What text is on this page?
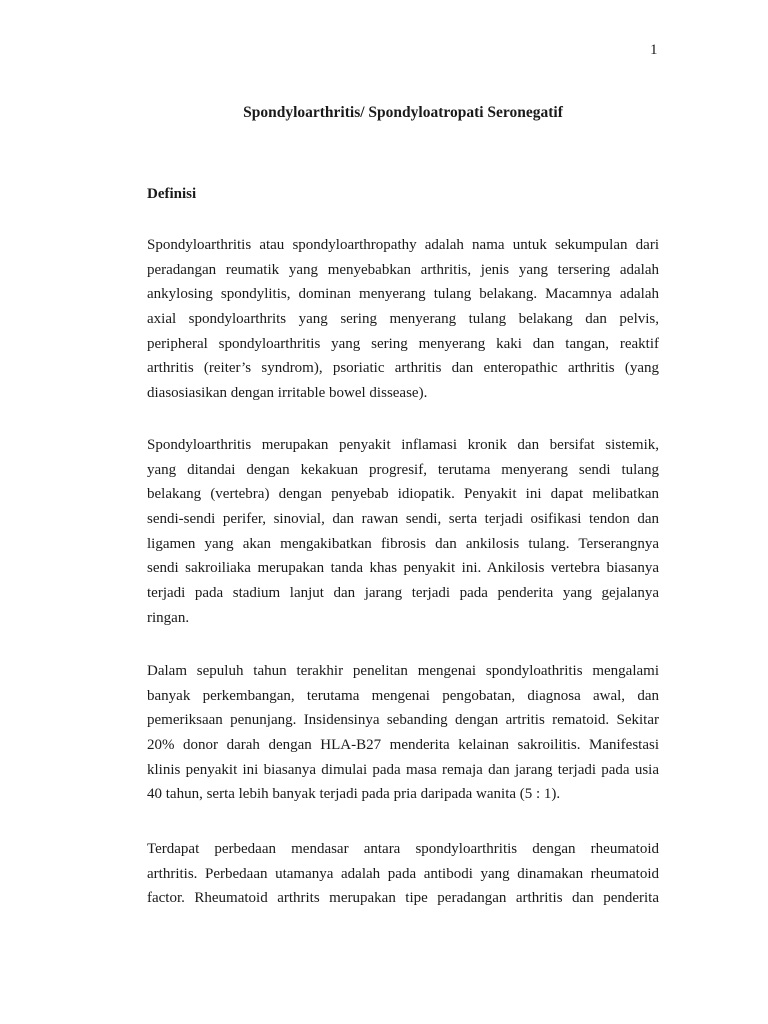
1
Spondyloarthritis/ Spondyloatropati Seronegatif
Definisi
Spondyloarthritis atau spondyloarthropathy adalah nama untuk sekumpulan dari
peradangan reumatik yang menyebabkan arthritis, jenis yang tersering adalah
ankylosing spondylitis, dominan menyerang tulang belakang. Macamnya adalah
axial spondyloarthrits yang sering menyerang tulang belakang dan pelvis,
peripheral spondyloarthritis yang sering menyerang kaki dan tangan, reaktif
arthritis (reiter’s syndrom), psoriatic arthritis dan enteropathic arthritis (yang
diasosiasikan dengan irritable bowel dissease).
Spondyloarthritis merupakan penyakit inflamasi kronik dan bersifat sistemik,
yang ditandai dengan kekakuan progresif, terutama menyerang sendi tulang
belakang (vertebra) dengan penyebab idiopatik. Penyakit ini dapat melibatkan
sendi-sendi perifer, sinovial, dan rawan sendi, serta terjadi osifikasi tendon dan
ligamen yang akan mengakibatkan fibrosis dan ankilosis tulang. Terserangnya
sendi sakroiliaka merupakan tanda khas penyakit ini. Ankilosis vertebra biasanya
terjadi pada stadium lanjut dan jarang terjadi pada penderita yang gejalanya
ringan.
Dalam sepuluh tahun terakhir penelitan mengenai spondyloathritis mengalami
banyak perkembangan, terutama mengenai pengobatan, diagnosa awal, dan
pemeriksaan penunjang. Insidensinya sebanding dengan artritis rematoid. Sekitar
20% donor darah dengan HLA-B27 menderita kelainan sakroilitis. Manifestasi
klinis penyakit ini biasanya dimulai pada masa remaja dan jarang terjadi pada usia
40 tahun, serta lebih banyak terjadi pada pria daripada wanita (5 : 1).
Terdapat perbedaan mendasar antara spondyloarthritis dengan rheumatoid
arthritis. Perbedaan utamanya adalah pada antibodi yang dinamakan rheumatoid
factor. Rheumatoid arthrits merupakan tipe peradangan arthritis dan penderita
